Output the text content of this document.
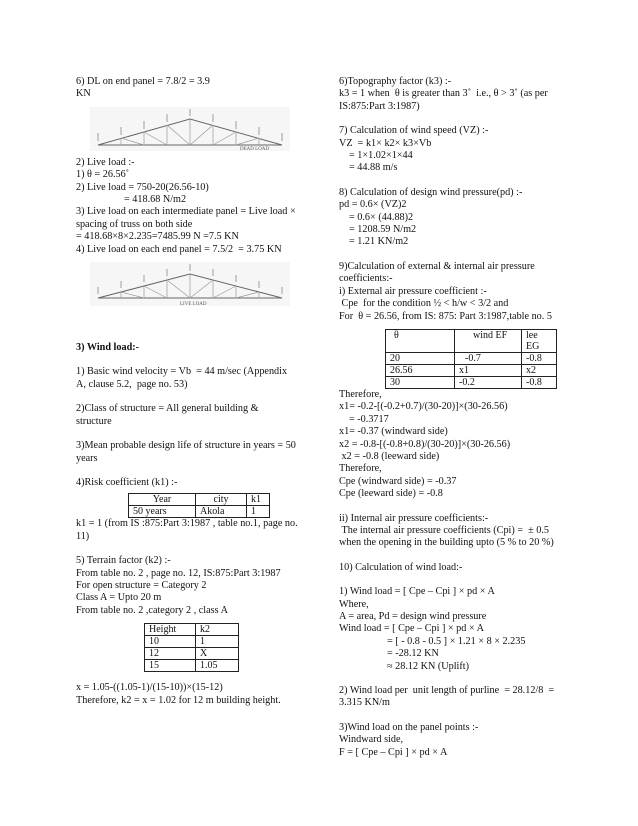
6) DL on end panel = 7.8/2 = 3.9

KN

DEAD LOAD

2) Live load :-

1) θ = 26.56˚

2) Live load = 750-20(26.56-10)

= 418.68 N/m2

3) Live load on each intermediate panel = Live load ×

spacing of truss on both side

= 418.68×8×2.235=7485.99 N =7.5 KN

4) Live load on each end panel = 7.5/2  = 3.75 KN

LIVE LOAD

3) Wind load:-

1) Basic wind velocity = Vb  = 44 m/sec (Appendix

A, clause 5.2,  page no. 53)

2)Class of structure = All general building &

structure

3)Mean probable design life of structure in years = 50

years

4)Risk coefficient (k1) :-

Year	city	k1
50 years	Akola	1

k1 = 1 (from IS :875:Part 3:1987 , table no.1, page no.

11)

5) Terrain factor (k2) :-

From table no. 2 , page no. 12, IS:875:Part 3:1987

For open structure = Category 2

Class A = Upto 20 m

From table no. 2 ,category 2 , class A

Height	k2
10	1
12	X
15	1.05

x = 1.05-((1.05-1)/(15-10))×(15-12)

Therefore, k2 = x = 1.02 for 12 m building height.

6)Topography factor (k3) :-

k3 = 1 when  θ is greater than 3˚  i.e., θ > 3˚ (as per

IS:875:Part 3:1987)

7) Calculation of wind speed (VZ) :-

VZ  = k1× k2× k3×Vb

= 1×1.02×1×44

= 44.88 m/s

8) Calculation of design wind pressure(pd) :-

pd = 0.6× (VZ)2

= 0.6× (44.88)2

= 1208.59 N/m2

= 1.21 KN/m2

9)Calculation of external & internal air pressure

coefficients:-

i) External air pressure coefficient :-

Cpe  for the condition ½ < h/w < 3/2 and

For  θ = 26.56, from IS: 875: Part 3:1987,table no. 5

θ	wind EF	lee EG
20	-0.7	-0.8
26.56	x1	x2
30	-0.2	-0.8

Therefore,

x1= -0.2-[(-0.2+0.7)/(30-20)]×(30-26.56)

= -0.3717

x1= -0.37 (windward side)

x2 = -0.8-[(-0.8+0.8)/(30-20)]×(30-26.56)

x2 = -0.8 (leeward side)

Therefore,

Cpe (windward side) = -0.37

Cpe (leeward side) = -0.8

ii) Internal air pressure coefficients:-

The internal air pressure coefficients (Cpi) =  ± 0.5

when the opening in the building upto (5 % to 20 %)

10) Calculation of wind load:-

1) Wind load = [ Cpe – Cpi ] × pd × A

Where,

A = area, Pd = design wind pressure

Wind load = [ Cpe – Cpi ] × pd × A

= [ - 0.8 - 0.5 ] × 1.21 × 8 × 2.235

= -28.12 KN

≈ 28.12 KN (Uplift)

2) Wind load per  unit length of purline  = 28.12/8  =

3.315 KN/m

3)Wind load on the panel points :-

Windward side,

F = [ Cpe – Cpi ] × pd × A
